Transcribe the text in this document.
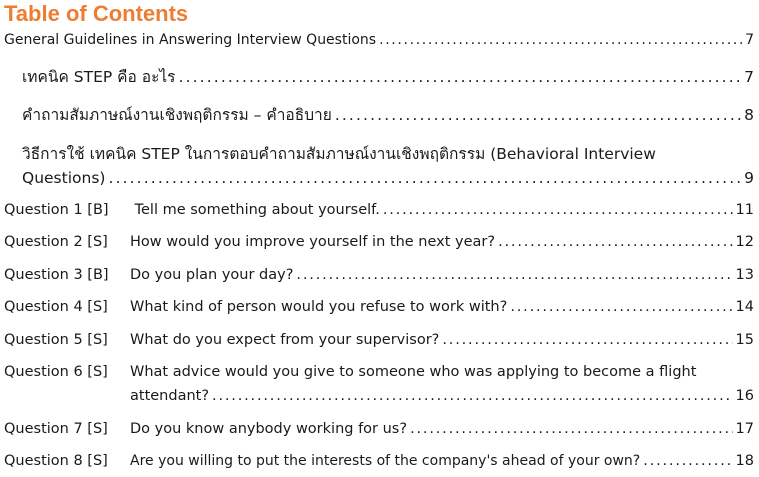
Table of Contents
General Guidelines in Answering Interview Questions . . .	7
เทคนิค STEP คือ อะไร . . .	7
คำถามสัมภาษณ์งานเชิงพฤติกรรม – คำอธิบาย . . .	8
วิธีการใช้ เทคนิค STEP ในการตอบคำถามสัมภาษณ์งานเชิงพฤติกรรม (Behavioral Interview
Questions) . . .	9
Question 1 [B]	Tell me something about yourself. . . .	11
Question 2 [S]	How would you improve yourself in the next year? . . .	12
Question 3 [B]	Do you plan your day? . . .	13
Question 4 [S]	What kind of person would you refuse to work with? . . .	14
Question 5 [S]	What do you expect from your supervisor? . . .	15
Question 6 [S] What advice would you give to someone who was applying to become a flight
attendant? . . .	16
Question 7 [S]	Do you know anybody working for us? . . .	17
Question 8 [S]	Are you willing to put the interests of the company's ahead of your own? . . .	18
